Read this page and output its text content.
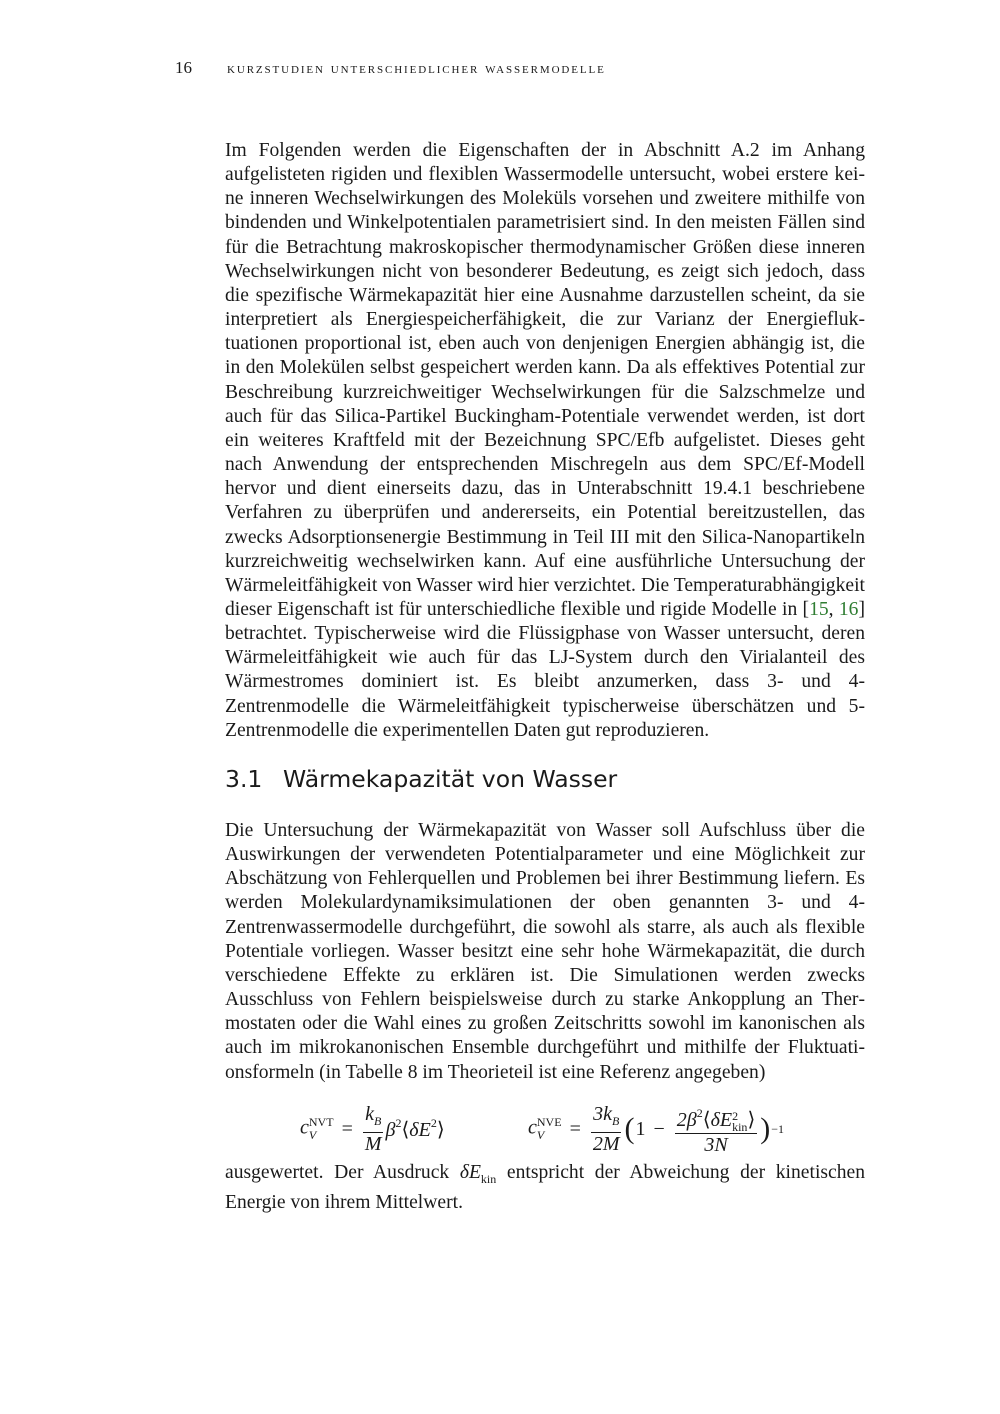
16 kurzstudien unterschiedlicher wassermodelle

Im Folgenden werden die Eigenschaften der in Abschnitt A.2 im Anhang aufgelisteten rigiden und flexiblen Wassermodelle untersucht, wobei erstere keine inneren Wechselwirkungen des Moleküls vorsehen und zweitere mithilfe von bindenden und Winkelpotentialen parametrisiert sind. In den meisten Fällen sind für die Betrachtung makroskopischer thermodynamischer Größen diese inneren Wechselwirkungen nicht von besonderer Bedeutung, es zeigt sich jedoch, dass die spezifische Wärmekapazität hier eine Ausnahme darzustellen scheint, da sie interpretiert als Energiespeicherfähigkeit, die zur Varianz der Energiefluktuationen proportional ist, eben auch von denjenigen Energien abhängig ist, die in den Molekülen selbst gespeichert werden kann. Da als effektives Potential zur Beschreibung kurzreichweitiger Wechselwirkungen für die Salzschmelze und auch für das Silica-Partikel Buckingham-Potentiale verwendet werden, ist dort ein weiteres Kraftfeld mit der Bezeichnung SPC/Efb aufgelistet. Dieses geht nach Anwendung der entsprechenden Mischregeln aus dem SPC/Ef-Modell hervor und dient einerseits dazu, das in Unterabschnitt 19.4.1 beschriebene Verfahren zu überprüfen und andererseits, ein Potential bereitzustellen, das zwecks Adsorptionsenergie Bestimmung in Teil III mit den Silica-Nanopartikeln kurzreichweitig wechselwirken kann. Auf eine ausführliche Untersuchung der Wärmeleitfähigkeit von Wasser wird hier verzichtet. Die Temperaturabhängigkeit dieser Eigenschaft ist für unterschiedliche flexible und rigide Modelle in [15, 16] betrachtet. Typischerweise wird die Flüssigphase von Wasser untersucht, deren Wärmeleitfähigkeit wie auch für das LJ-System durch den Virialanteil des Wärmestromes dominiert ist. Es bleibt anzumerken, dass 3- und 4-Zentrenmodelle die Wärmeleitfähigkeit typischerweise überschätzen und 5-Zentrenmodelle die experimentellen Daten gut reproduzieren.

3.1 Wärmekapazität von Wasser

Die Untersuchung der Wärmekapazität von Wasser soll Aufschluss über die Auswirkungen der verwendeten Potentialparameter und eine Möglichkeit zur Abschätzung von Fehlerquellen und Problemen bei ihrer Bestimmung liefern. Es werden Molekulardynamiksimulationen der oben genannten 3- und 4-Zentrenwassermodelle durchgeführt, die sowohl als starre, als auch als flexible Potentiale vorliegen. Wasser besitzt eine sehr hohe Wärmekapazität, die durch verschiedene Effekte zu erklären ist. Die Simulationen werden zwecks Ausschluss von Fehlern beispielsweise durch zu starke Ankopplung an Thermostaten oder die Wahl eines zu großen Zeitschritts sowohl im kanonischen als auch im mikrokanonischen Ensemble durchgeführt und mithilfe der Fluktuationsformeln (in Tabelle 8 im Theorieteil ist eine Referenz angegeben)

c NVT
V	= $\frac{k_B}{M}$ $\beta^2⟨\delta E^2⟩$	c NVE
V	= $\frac{3k_B}{2M}$ ( $1 - 2\beta^2⟨\delta E$ 2
kin ⟩
3N ) −1

ausgewertet. Der Ausdruck $\delta E_{kin}$ entspricht der Abweichung der kinetischen Energie von ihrem Mittelwert.
